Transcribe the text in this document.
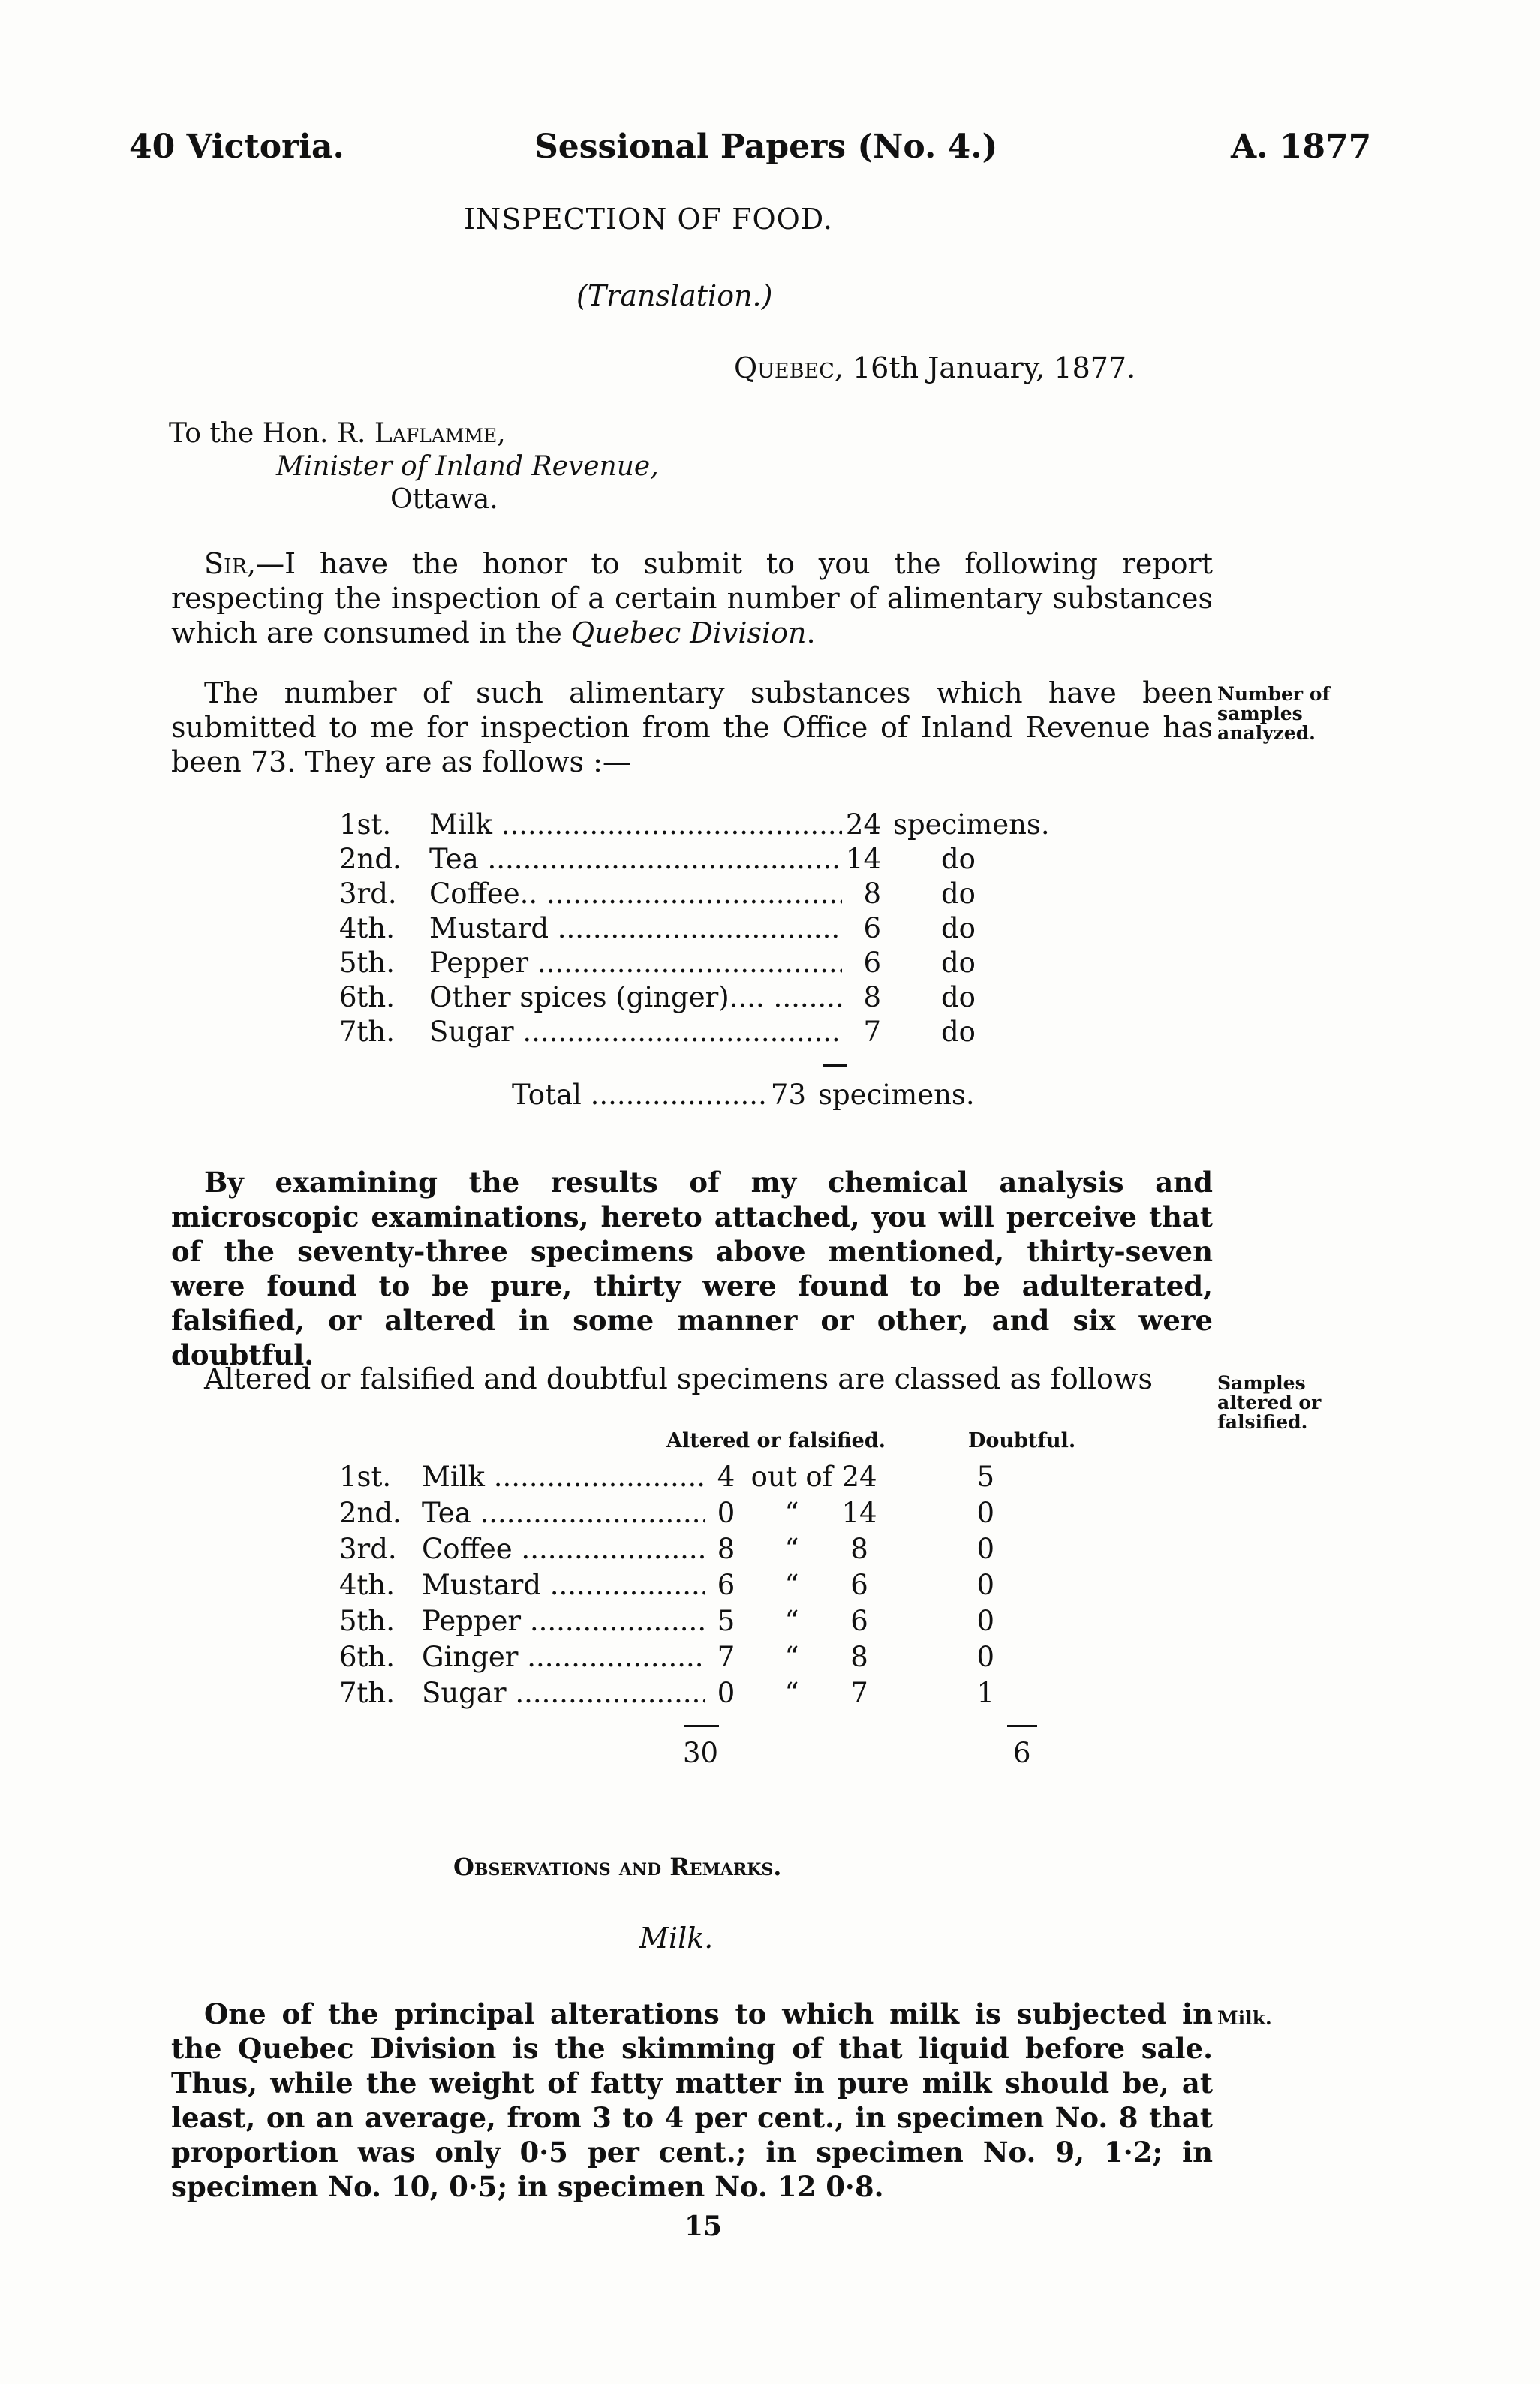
40 Victoria.	Sessional Papers (No. 4.)	A. 1877
INSPECTION OF FOOD.
(Translation.)
Quebec, 16th January, 1877.
To the Hon. R. Laflamme,
Minister of Inland Revenue,
Ottawa.
Sir,—I have the honor to submit to you the following report respecting the inspection of a certain number of alimentary substances which are consumed in the Quebec Division.
The number of such alimentary substances which have been submitted to me for inspection from the Office of Inland Revenue has been 73. They are as follows :—
Number of samples analyzed.
1st.	Milk .....	24 specimens.
2nd.	Tea .....	14	do
3rd.	Coffee.. .....	8	do
4th.	Mustard .....	6	do
5th.	Pepper .....	6	do
6th.	Other spices (ginger).... .....	8	do
7th.	Sugar .....	7	do
Total .....	73 specimens.
By examining the results of my chemical analysis and microscopic examinations, hereto attached, you will perceive that of the seventy-three specimens above mentioned, thirty-seven were found to be pure, thirty were found to be adulterated, falsified, or altered in some manner or other, and six were doubtful.
Altered or falsified and doubtful specimens are classed as follows	Samples altered or falsified.
Altered or falsified.	Doubtful.
1st.	Milk .....	4 out of 24	5
2nd. Tea .....	0	“	14	0
3rd. Coffee .....	8	“	8	0
4th. Mustard .....	6	“	6	0
5th. Pepper .....	5	“	6	0
6th. Ginger .....	7	“	8	0
7th. Sugar .....	0	“	7	1
30	6
Observations and Remarks.
Milk.
One of the principal alterations to which milk is subjected in the Quebec Division is the skimming of that liquid before sale. Thus, while the weight of fatty matter in pure milk should be, at least, on an average, from 3 to 4 per cent., in specimen No. 8 that proportion was only 0·5 per cent.; in specimen No. 9, 1·2; in specimen No. 10, 0·5; in specimen No. 12 0·8.
Milk.
15
